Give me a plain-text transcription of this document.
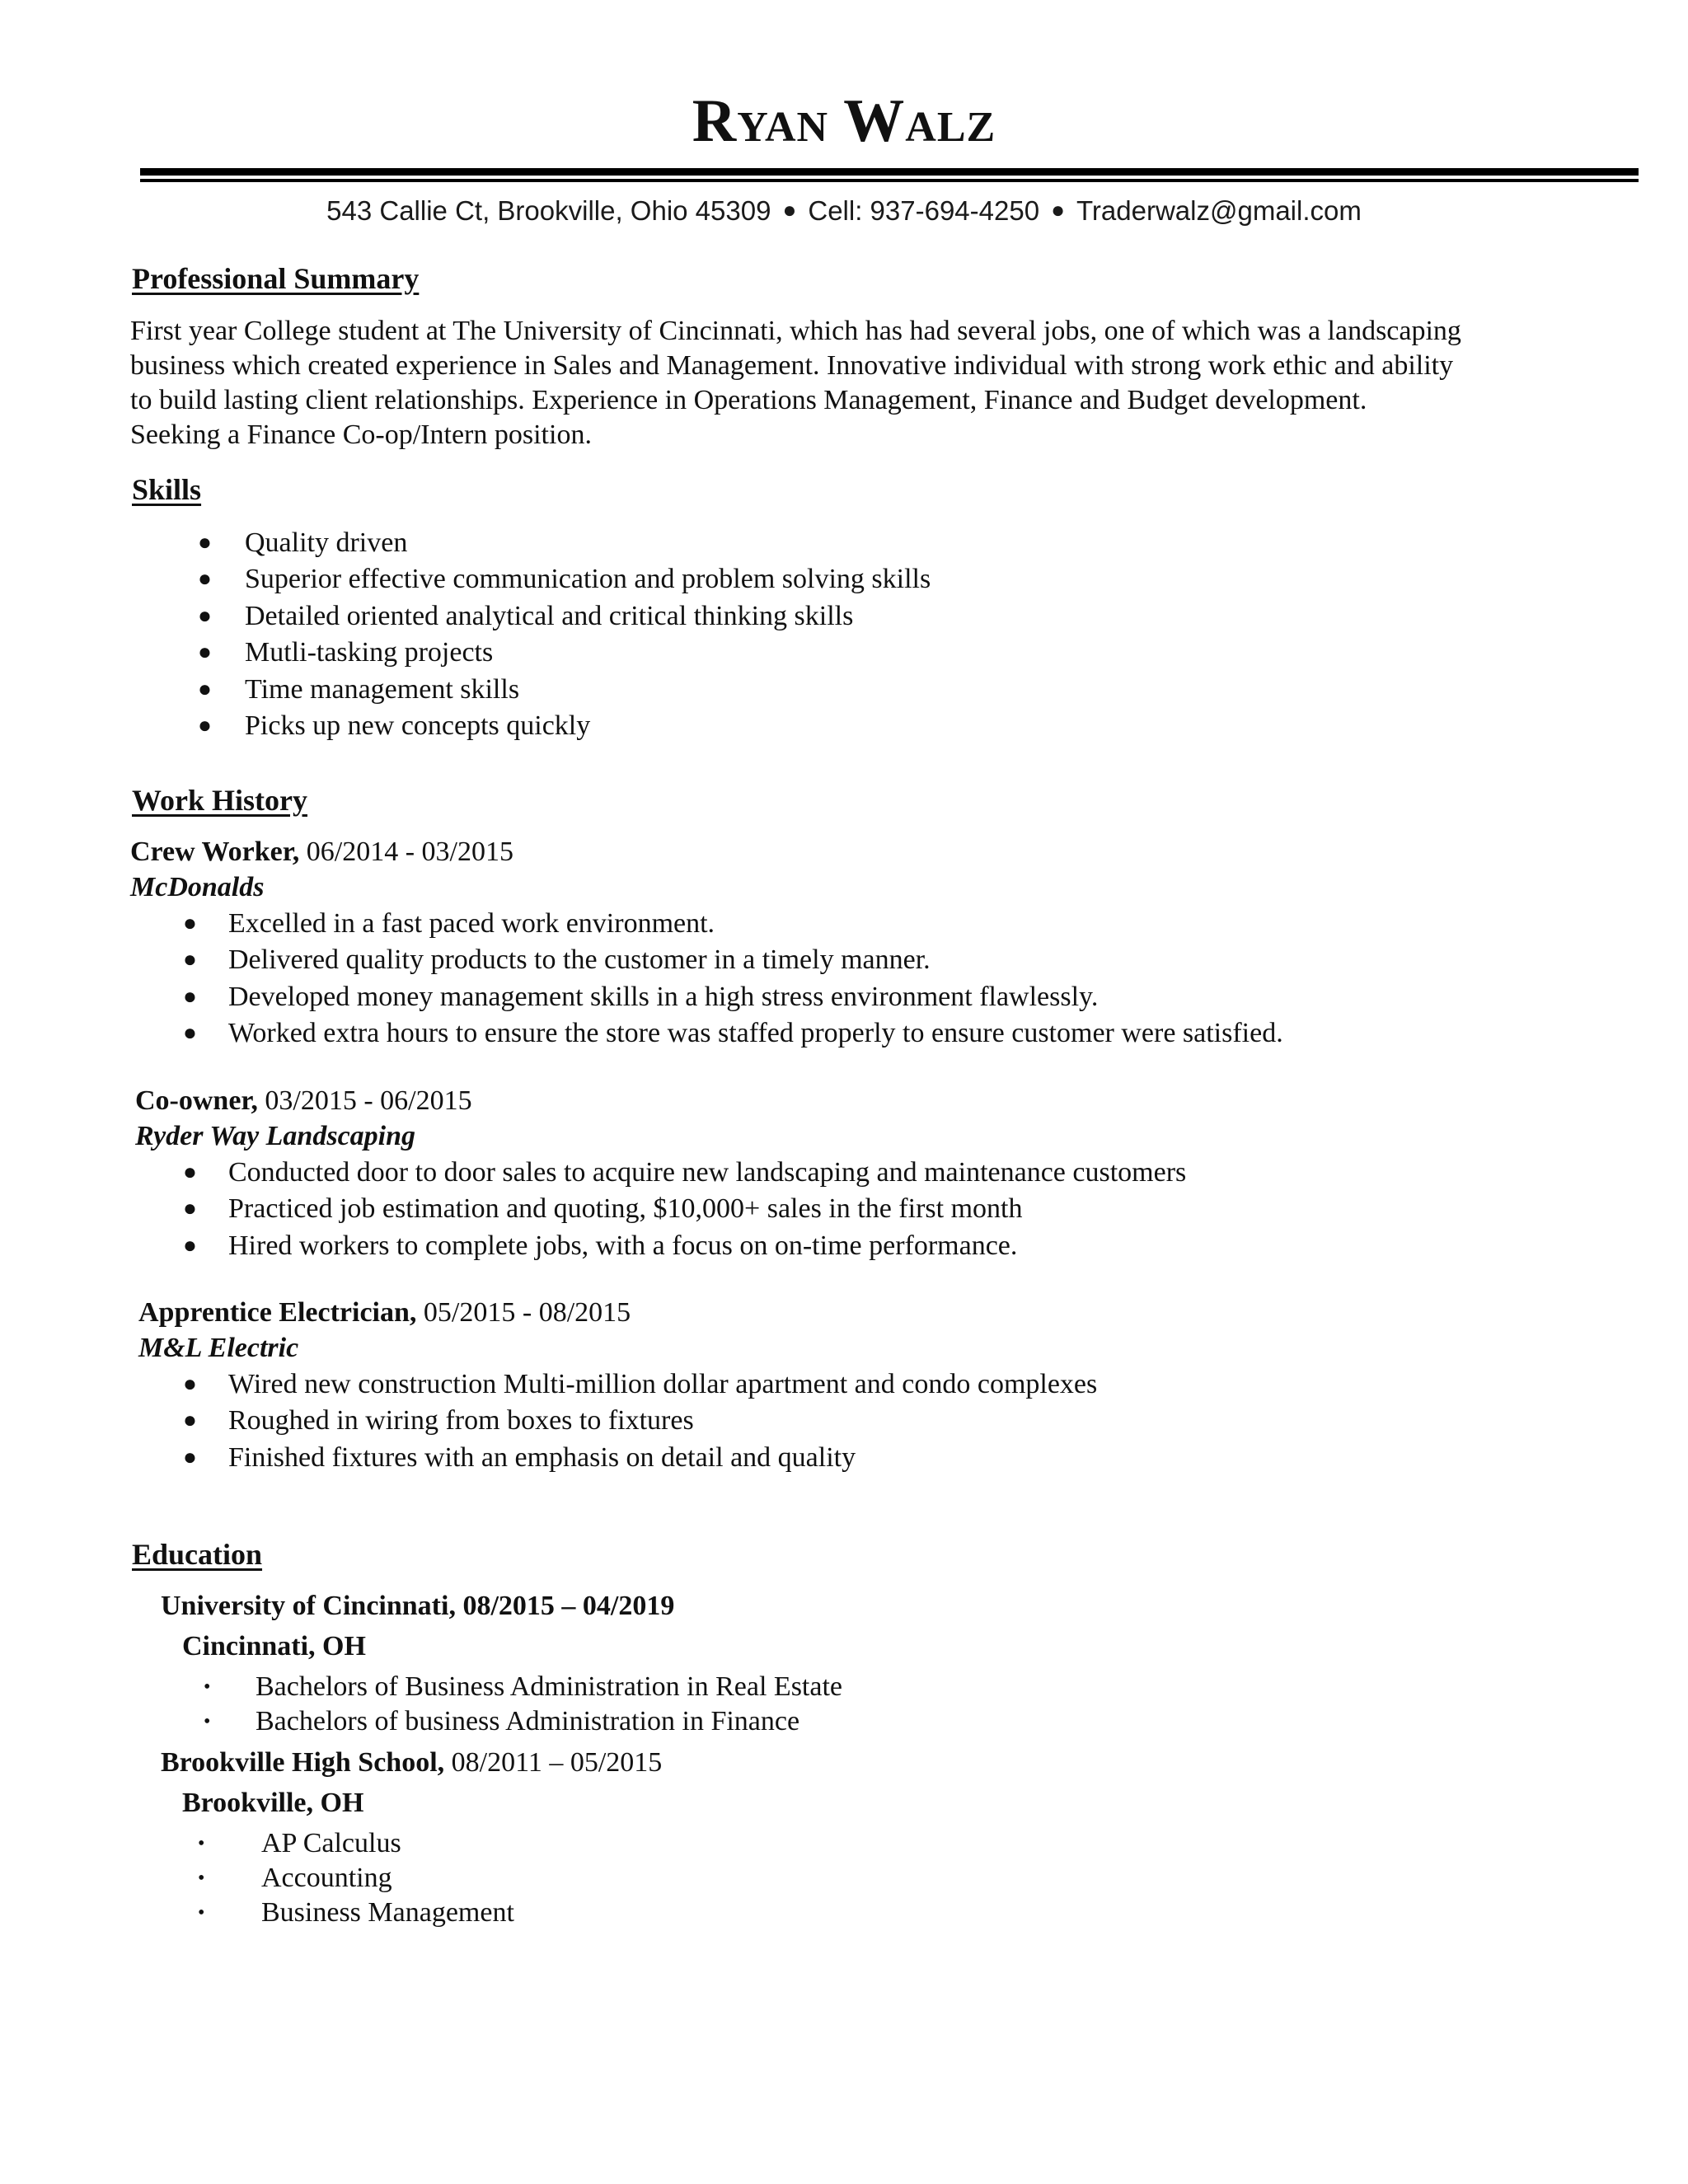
Ryan Walz
543 Callie Ct, Brookville, Ohio 45309 ● Cell: 937-694-4250 ● Traderwalz@gmail.com
Professional Summary
First year College student at The University of Cincinnati, which has had several jobs, one of which was a landscaping
business which created experience in Sales and Management. Innovative individual with strong work ethic and ability
to build lasting client relationships. Experience in Operations Management, Finance and Budget development.
Seeking a Finance Co-op/Intern position.
Skills
● Quality driven
● Superior effective communication and problem solving skills
● Detailed oriented analytical and critical thinking skills
● Mutli-tasking projects
● Time management skills
● Picks up new concepts quickly
Work History
Crew Worker, 06/2014 - 03/2015
McDonalds
● Excelled in a fast paced work environment.
● Delivered quality products to the customer in a timely manner.
● Developed money management skills in a high stress environment flawlessly.
● Worked extra hours to ensure the store was staffed properly to ensure customer were satisfied.
Co-owner, 03/2015 - 06/2015
Ryder Way Landscaping
● Conducted door to door sales to acquire new landscaping and maintenance customers
● Practiced job estimation and quoting, $10,000+ sales in the first month
● Hired workers to complete jobs, with a focus on on-time performance.
Apprentice Electrician, 05/2015 - 08/2015
M&L Electric
● Wired new construction Multi-million dollar apartment and condo complexes
● Roughed in wiring from boxes to fixtures
● Finished fixtures with an emphasis on detail and quality
Education
University of Cincinnati, 08/2015 – 04/2019
Cincinnati, OH
• Bachelors of Business Administration in Real Estate
• Bachelors of business Administration in Finance
Brookville High School, 08/2011 – 05/2015
Brookville, OH
• AP Calculus
• Accounting
• Business Management
